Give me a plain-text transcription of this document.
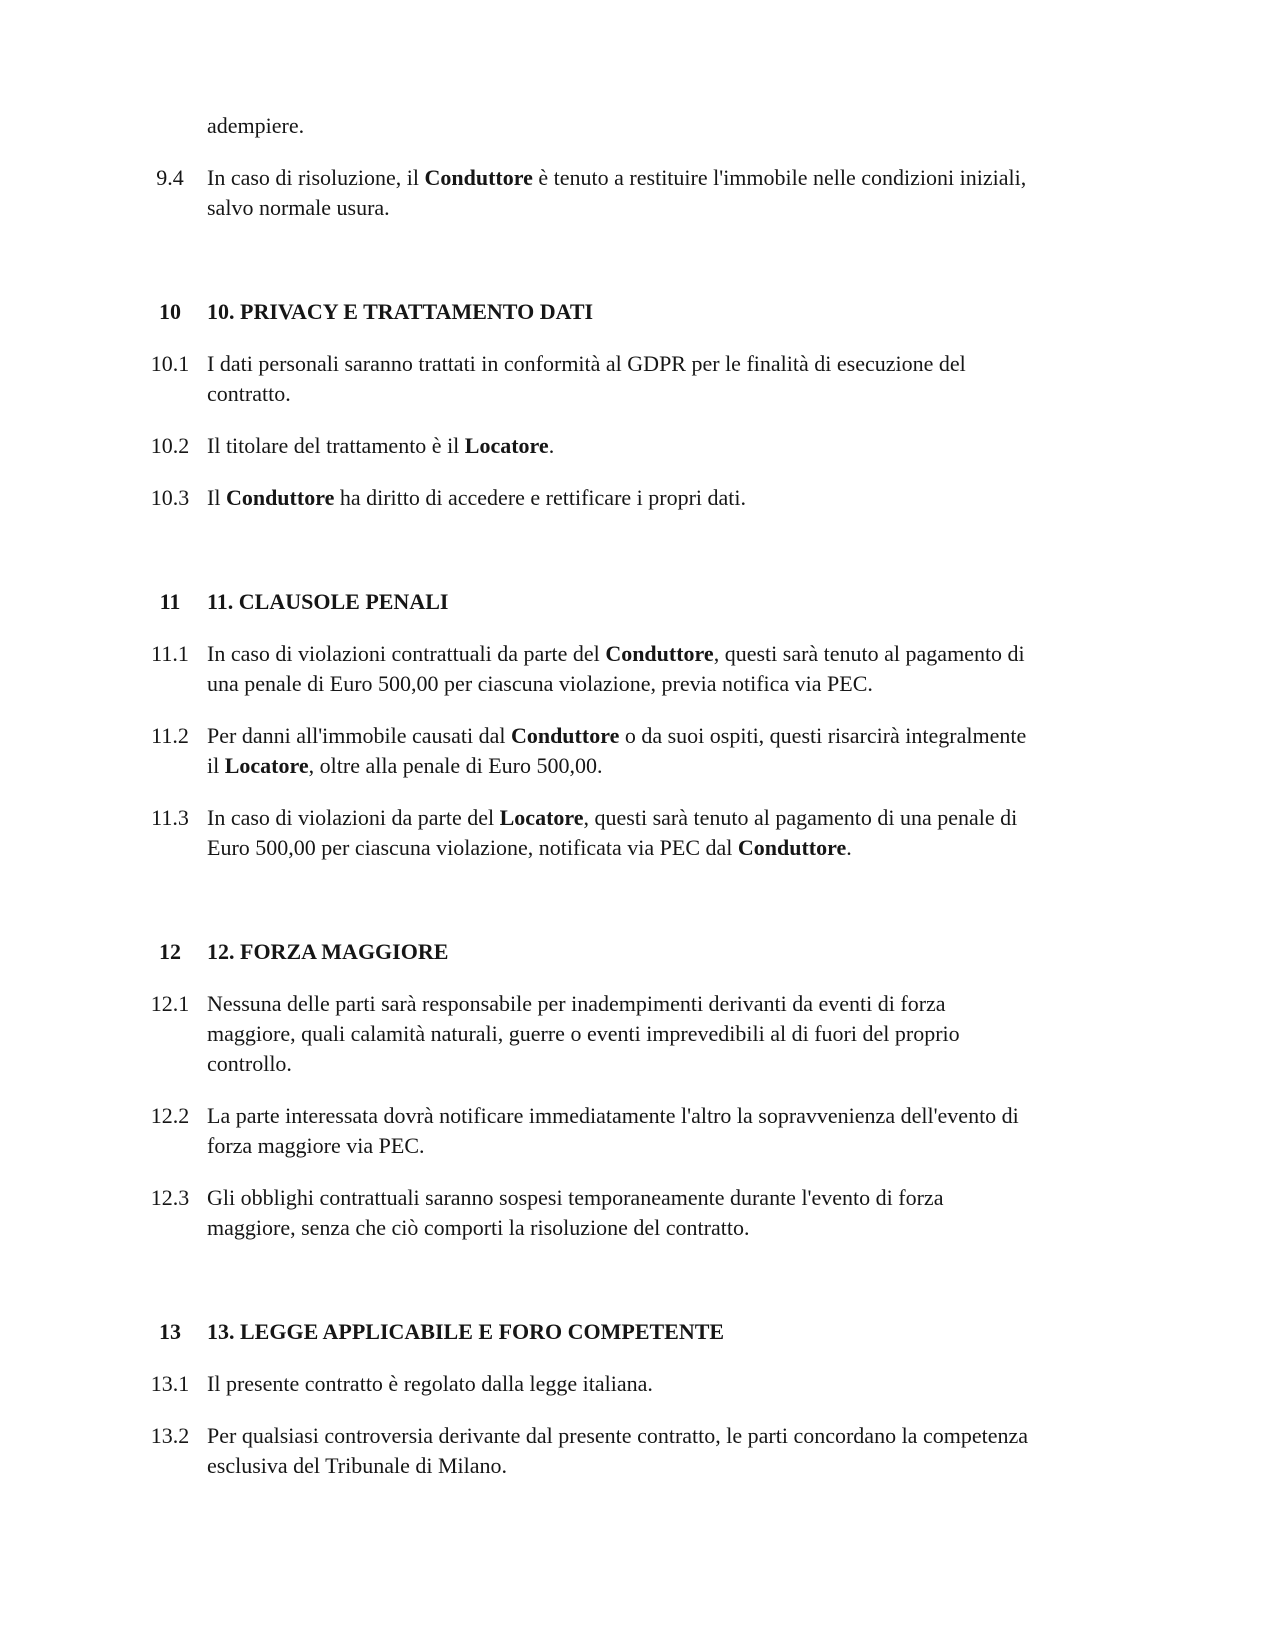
adempiere.
9.4	In caso di risoluzione, il Conduttore è tenuto a restituire l'immobile nelle condizioni iniziali,
salvo normale usura.
10	10. PRIVACY E TRATTAMENTO DATI
10.1 I dati personali saranno trattati in conformità al GDPR per le finalità di esecuzione del
contratto.
10.2 Il titolare del trattamento è il Locatore.
10.3 Il Conduttore ha diritto di accedere e rettificare i propri dati.
11	11. CLAUSOLE PENALI
11.1 In caso di violazioni contrattuali da parte del Conduttore, questi sarà tenuto al pagamento di
una penale di Euro 500,00 per ciascuna violazione, previa notifica via PEC.
11.2 Per danni all'immobile causati dal Conduttore o da suoi ospiti, questi risarcirà integralmente
il Locatore, oltre alla penale di Euro 500,00.
11.3 In caso di violazioni da parte del Locatore, questi sarà tenuto al pagamento di una penale di
Euro 500,00 per ciascuna violazione, notificata via PEC dal Conduttore.
12	12. FORZA MAGGIORE
12.1 Nessuna delle parti sarà responsabile per inadempimenti derivanti da eventi di forza
maggiore, quali calamità naturali, guerre o eventi imprevedibili al di fuori del proprio
controllo.
12.2 La parte interessata dovrà notificare immediatamente l'altro la sopravvenienza dell'evento di
forza maggiore via PEC.
12.3 Gli obblighi contrattuali saranno sospesi temporaneamente durante l'evento di forza
maggiore, senza che ciò comporti la risoluzione del contratto.
13	13. LEGGE APPLICABILE E FORO COMPETENTE
13.1 Il presente contratto è regolato dalla legge italiana.
13.2 Per qualsiasi controversia derivante dal presente contratto, le parti concordano la competenza
esclusiva del Tribunale di Milano.
